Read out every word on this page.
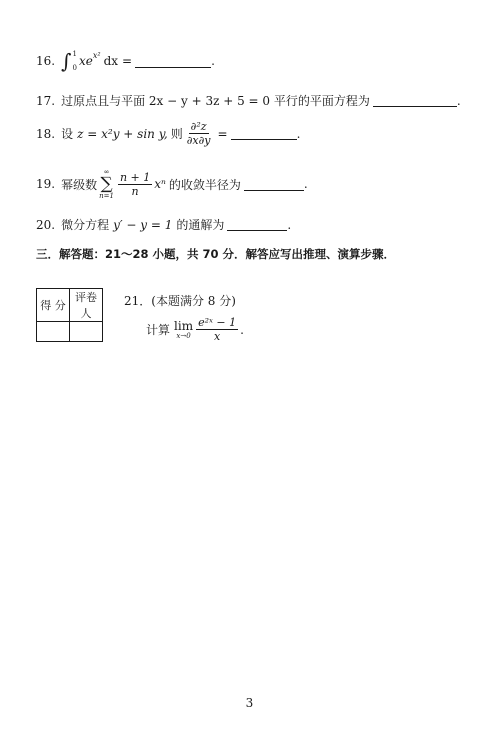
16. ∫ 1
0 x e x² dx =	.
17. 过原点且与平面 2x − y + 3z + 5 = 0 平行的平面方程为	.
18. 设 z = x²y + sin y, 则 $\frac{\text{∂²z}}{\partial x\partial y}$ =	.
19. 幂级数
∞
∑
$n=1 \frac{n + 1}{n}$ xⁿ 的收敛半径为	.
20. 微分方程 y′ − y = 1 的通解为	.
三．解答题：21～28 小题，共 70 分．解答应写出推理、演算步骤．
得 分	评卷人

21．(本题满分 8 分)
计算 lim
$x\to 0 \frac{\text{e²ˣ − 1}}{x}$ .
3
